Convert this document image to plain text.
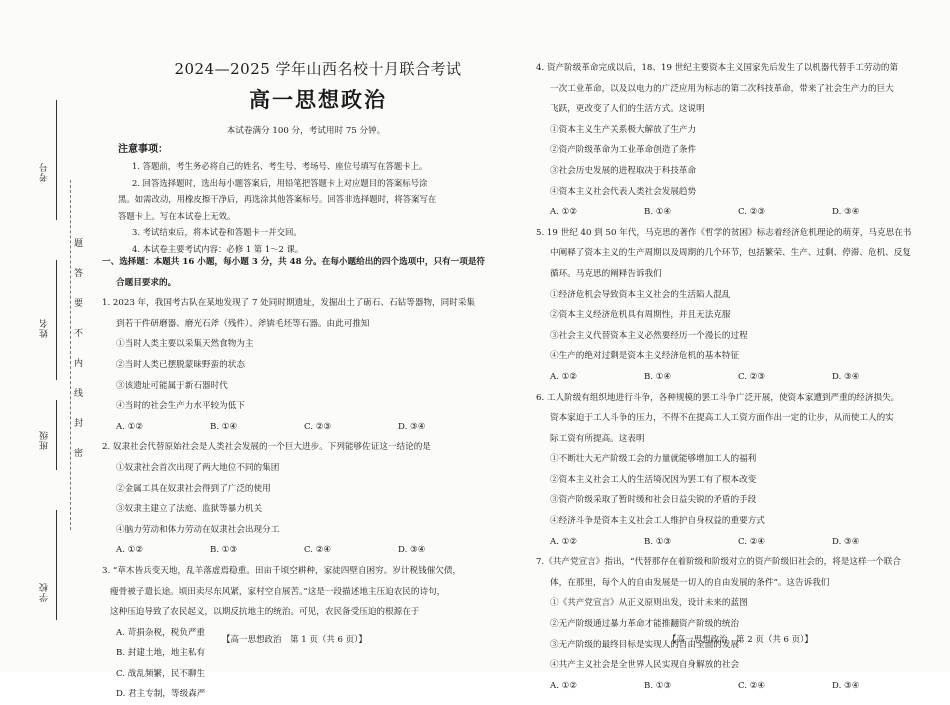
考号
姓名
班级
学校
题
答
要
不
内
线
封
密
2024—2025 学年山西名校十月联合考试
高一思想政治
本试卷满分 100 分，考试用时 75 分钟。
注意事项：
1. 答题前，考生务必将自己的姓名、考生号、考场号、座位号填写在答题卡上。
2. 回答选择题时，选出每小题答案后，用铅笔把答题卡上对应题目的答案标号涂
黑。如需改动，用橡皮擦干净后，再选涂其他答案标号。回答非选择题时，将答案写在
答题卡上。写在本试卷上无效。
3. 考试结束后，将本试卷和答题卡一并交回。
4. 本试卷主要考试内容：必修 1 第 1～2 课。
一、选择题：本题共 16 小题，每小题 3 分，共 48 分。在每小题给出的四个选项中，只有一项是符
合题目要求的。
1. 2023 年，我国考古队在某地发现了 7 处同时期遗址，发掘出土了砺石、石钻等器物，同时采集
到若干件研磨器、磨光石斧（残件）、斧锛毛坯等石器。由此可推知
①当时人类主要以采集天然食物为主
②当时人类已摆脱蒙昧野蛮的状态
③该遗址可能属于新石器时代
④当时的社会生产力水平较为低下
A. ①②	B. ①④	C. ②③	D. ③④
2. 奴隶社会代替原始社会是人类社会发展的一个巨大进步。下列能够佐证这一结论的是
①奴隶社会首次出现了两大地位不同的集团
②金属工具在奴隶社会得到了广泛的使用
③奴隶主建立了法庭、监狱等暴力机关
④脑力劳动和体力劳动在奴隶社会出现分工
A. ①②	B. ①③	C. ②④	D. ③④
3. “草木皆兵变天地，乱羊落虚焉稳重。田亩千顷空耕种，家徒四壁自困穷。岁计税钱催欠债，
瘦骨被子遣长途。顷田卖尽东风紧，家村空自展苦。”这是一段描述地主压迫农民的诗句，
这种压迫导致了农民起义，以期反抗地主的统治。可见，农民备受压迫的根源在于
A. 苛捐杂税，税负严重
B. 封建土地，地主私有
C. 战乱频繁，民不聊生
D. 君主专制，等级森严
4. 资产阶级革命完成以后，18、19 世纪主要资本主义国家先后发生了以机器代替手工劳动的第
一次工业革命，以及以电力的广泛应用为标志的第二次科技革命，带来了社会生产力的巨大
飞跃，更改变了人们的生活方式。这说明
①资本主义生产关系极大解放了生产力
②资产阶级革命为工业革命创造了条件
③社会历史发展的进程取决于科技革命
④资本主义社会代表人类社会发展趋势
A. ①②	B. ①④	C. ②③	D. ③④
5. 19 世纪 40 到 50 年代，马克思的著作《哲学的贫困》标志着经济危机理论的萌芽，马克思在书
中阐释了资本主义的生产周期以及周期的几个环节，包括繁荣、生产、过剩、停滞、危机、反复
循环。马克思的阐释告诉我们
①经济危机会导致资本主义社会的生活陷人混乱
②资本主义经济危机具有周期性，并且无法克服
③社会主义代替资本主义必然要经历一个漫长的过程
④生产的绝对过剩是资本主义经济危机的基本特征
A. ①②	B. ①④	C. ②③	D. ③④
6. 工人阶级有组织地进行斗争，各种规模的罢工斗争广泛开展，使资本家遭到严重的经济损失。
资本家迫于工人斗争的压力，不得不在提高工人工资方面作出一定的让步，从而使工人的实
际工资有所提高。这表明
①不断壮大无产阶级工会的力量就能够增加工人的福利
②资本主义社会工人的生活境况因为罢工有了根本改变
③资产阶级采取了暂时缓和社会日益尖锐的矛盾的手段
④经济斗争是资本主义社会工人维护自身权益的重要方式
A. ①②	B. ①③	C. ②④	D. ③④
7.《共产党宣言》指出，“代替那存在着阶级和阶级对立的资产阶级旧社会的，将是这样一个联合
体，在那里，每个人的自由发展是一切人的自由发展的条件”。这告诉我们
①《共产党宣言》从正义原则出发，设计未来的蓝图
②无产阶级通过暴力革命才能推翻资产阶级的统治
③无产阶级的最终目标是实现人的自由全面的发展
④共产主义社会是全世界人民实现自身解放的社会
A. ①②	B. ①③	C. ②④	D. ③④
【高一思想政治　第 1 页（共 6 页）】	【高一思想政治　第 2 页（共 6 页）】
